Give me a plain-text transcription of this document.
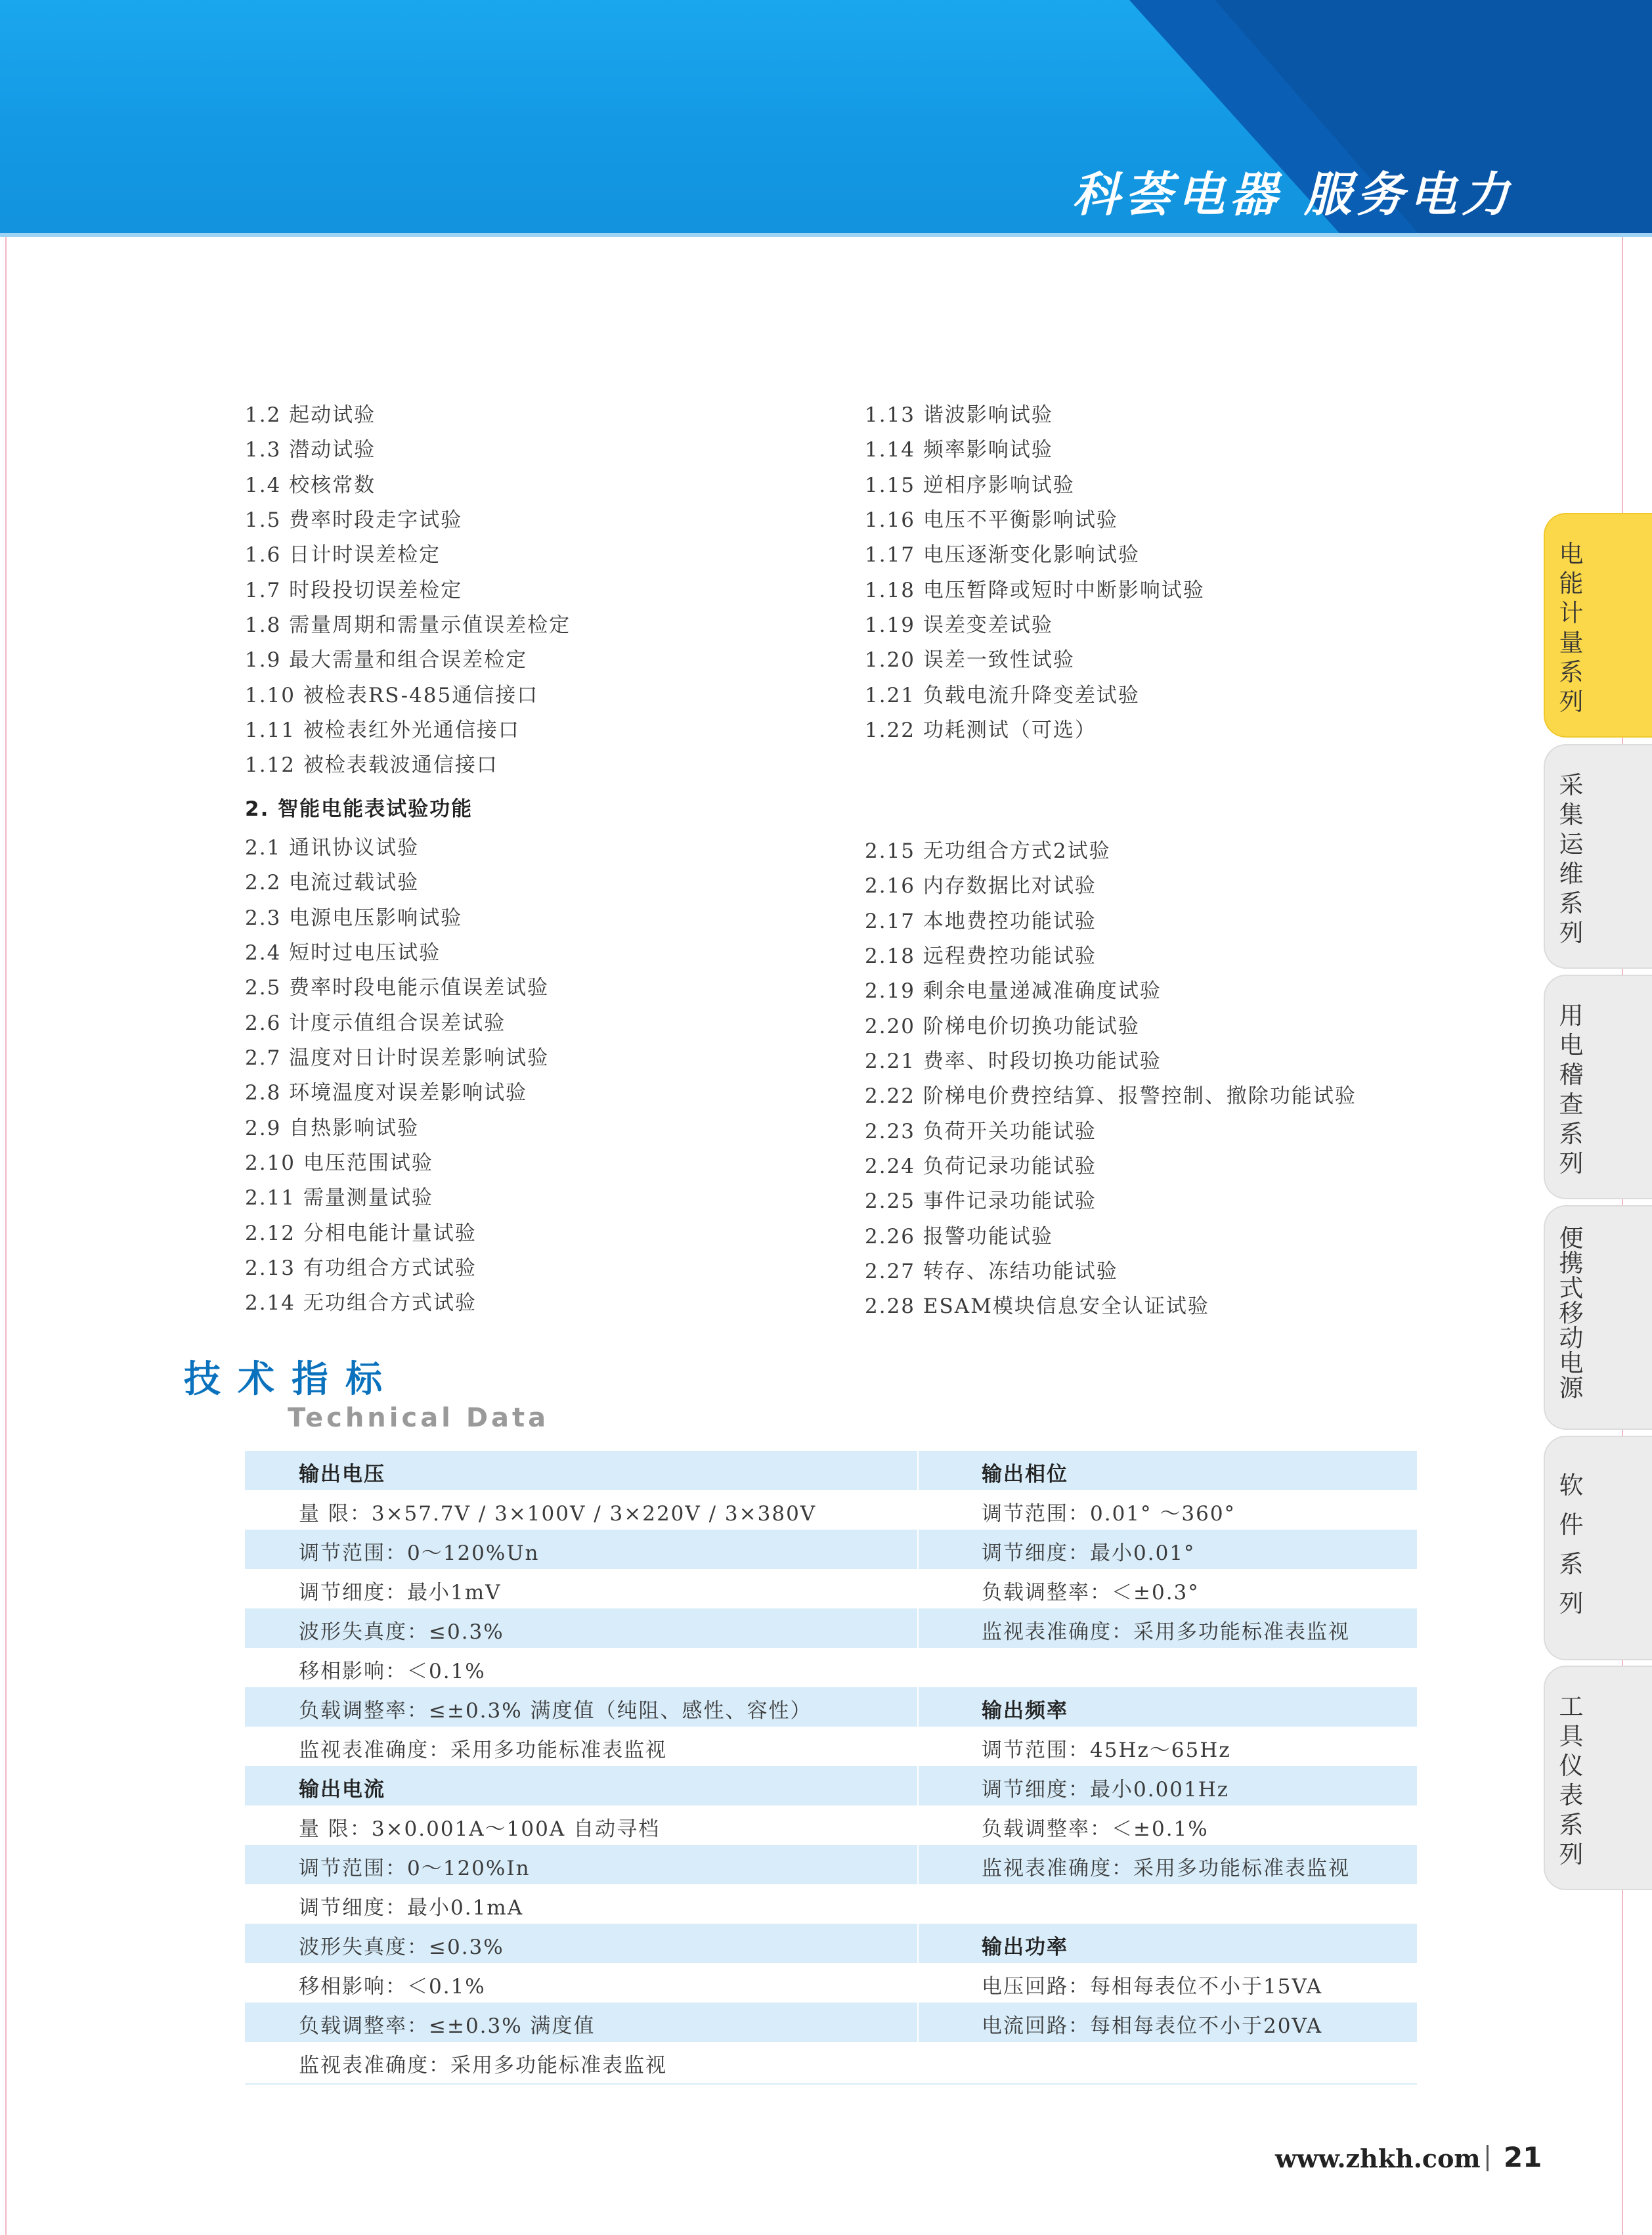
科荟电器 服务电力
1.2 起动试验
1.3 潜动试验
1.4 校核常数
1.5 费率时段走字试验
1.6 日计时误差检定
1.7 时段投切误差检定
1.8 需量周期和需量示值误差检定
1.9 最大需量和组合误差检定
1.10 被检表RS-485通信接口
1.11 被检表红外光通信接口
1.12 被检表载波通信接口
1.13 谐波影响试验
1.14 频率影响试验
1.15 逆相序影响试验
1.16 电压不平衡影响试验
1.17 电压逐渐变化影响试验
1.18 电压暂降或短时中断影响试验
1.19 误差变差试验
1.20 误差一致性试验
1.21 负载电流升降变差试验
1.22 功耗测试（可选）
2. 智能电能表试验功能
2.1 通讯协议试验
2.2 电流过载试验
2.3 电源电压影响试验
2.4 短时过电压试验
2.5 费率时段电能示值误差试验
2.6 计度示值组合误差试验
2.7 温度对日计时误差影响试验
2.8 环境温度对误差影响试验
2.9 自热影响试验
2.10 电压范围试验
2.11 需量测量试验
2.12 分相电能计量试验
2.13 有功组合方式试验
2.14 无功组合方式试验
2.15 无功组合方式2试验
2.16 内存数据比对试验
2.17 本地费控功能试验
2.18 远程费控功能试验
2.19 剩余电量递减准确度试验
2.20 阶梯电价切换功能试验
2.21 费率、时段切换功能试验
2.22 阶梯电价费控结算、报警控制、撤除功能试验
2.23 负荷开关功能试验
2.24 负荷记录功能试验
2.25 事件记录功能试验
2.26 报警功能试验
2.27 转存、冻结功能试验
2.28 ESAM模块信息安全认证试验
技术指标
Technical Data
输出电压	输出相位
量 限：3×57.7V / 3×100V / 3×220V / 3×380V	调节范围：0.01° ～360°
调节范围：0～120%Un	调节细度：最小0.01°
调节细度：最小1mV	负载调整率：＜±0.3°
波形失真度：≤0.3%	监视表准确度：采用多功能标准表监视
移相影响：＜0.1%
负载调整率：≤±0.3% 满度值（纯阻、感性、容性）	输出频率
监视表准确度：采用多功能标准表监视	调节范围：45Hz～65Hz
输出电流	调节细度：最小0.001Hz
量 限：3×0.001A～100A 自动寻档	负载调整率：＜±0.1%
调节范围：0～120%In	监视表准确度：采用多功能标准表监视
调节细度：最小0.1mA
波形失真度：≤0.3%	输出功率
移相影响：＜0.1%	电压回路：每相每表位不小于15VA
负载调整率：≤±0.3% 满度值	电流回路：每相每表位不小于20VA
监视表准确度：采用多功能标准表监视
电
能
计
量
系
列
采
集
运
维
系
列
用
电
稽
查
系
列
便
携
式
移
动
电
源
软
件
系
列
工
具
仪
表
系
列
www.zhkh.com 21
